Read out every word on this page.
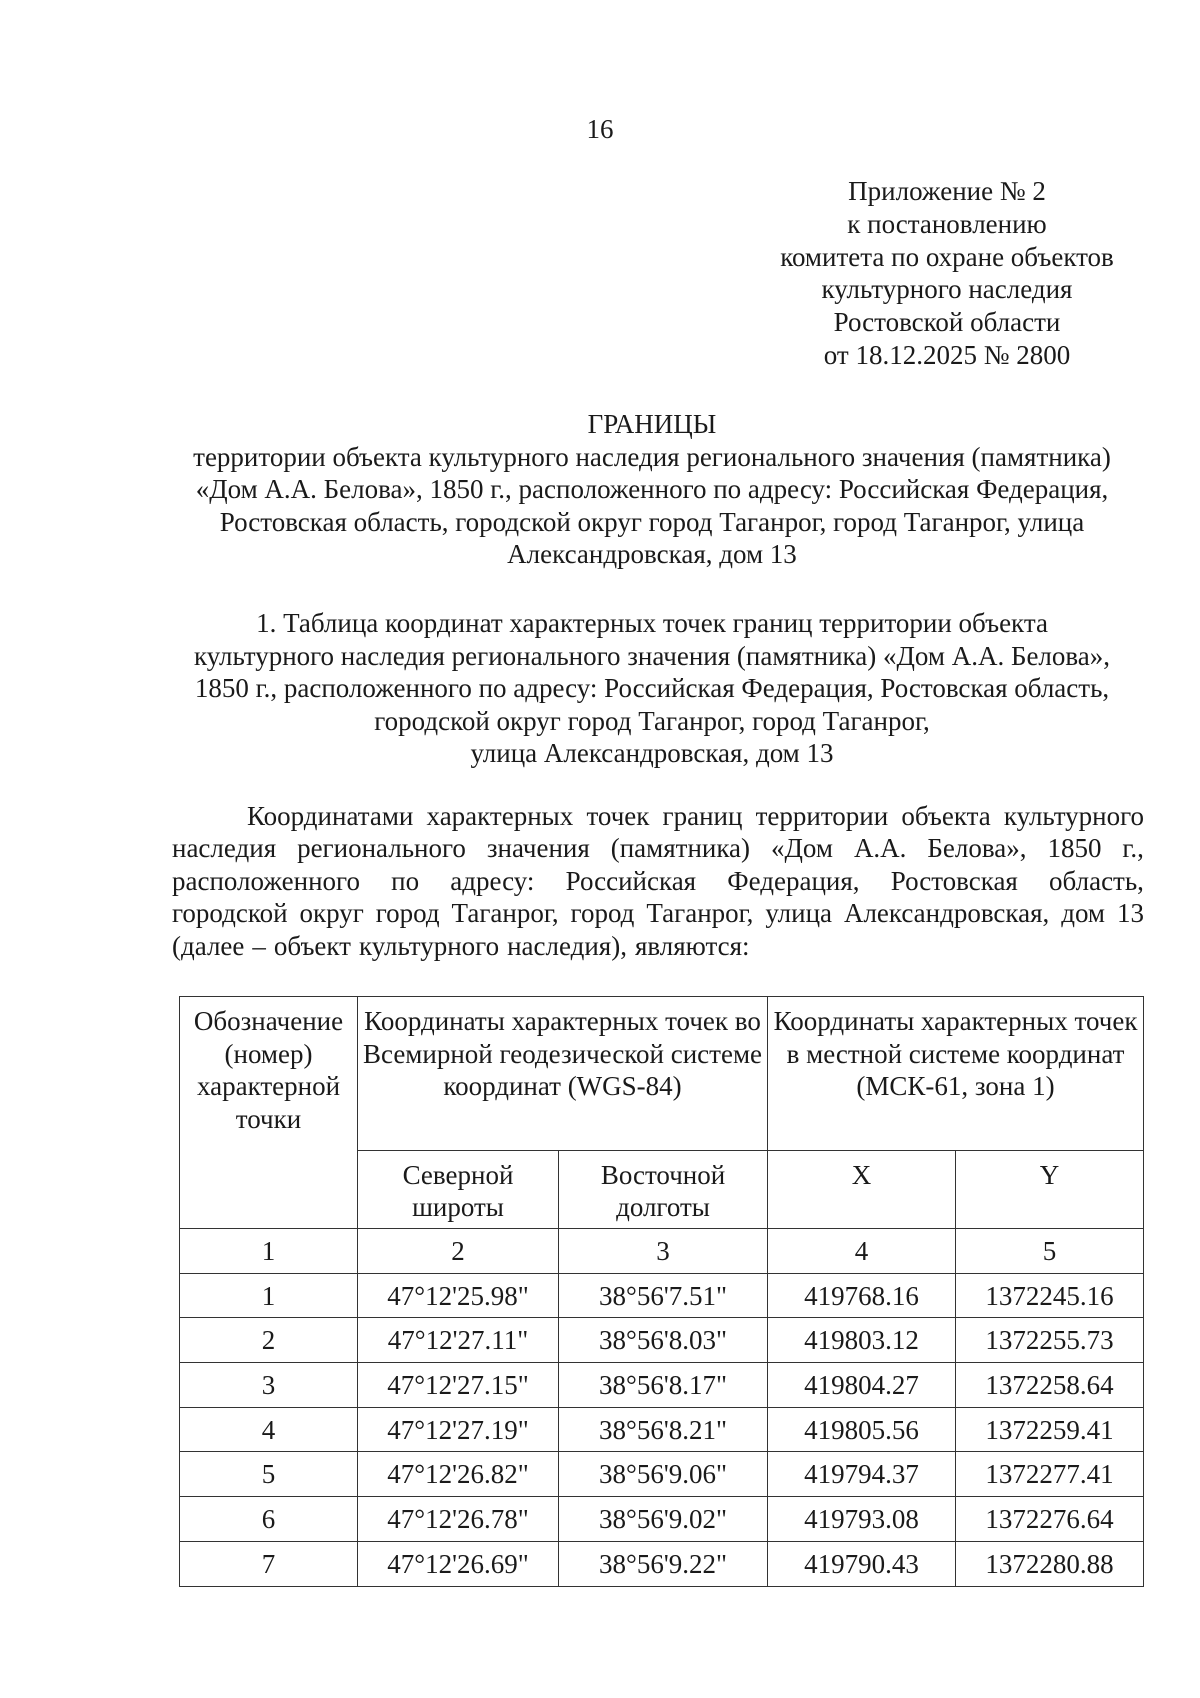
16
Приложение № 2
к постановлению
комитета по охране объектов
культурного наследия
Ростовской области
от 18.12.2025 № 2800
ГРАНИЦЫ
территории объекта культурного наследия регионального значения (памятника)
«Дом А.А. Белова», 1850 г., расположенного по адресу: Российская Федерация,
Ростовская область, городской округ город Таганрог, город Таганрог, улица
Александровская, дом 13
1. Таблица координат характерных точек границ территории объекта
культурного наследия регионального значения (памятника) «Дом А.А. Белова»,
1850 г., расположенного по адресу: Российская Федерация, Ростовская область,
городской округ город Таганрог, город Таганрог,
улица Александровская, дом 13
Координатами характерных точек границ территории объекта культурного
наследия регионального значения (памятника) «Дом А.А. Белова», 1850 г.,
расположенного по адресу: Российская Федерация, Ростовская область,
городской округ город Таганрог, город Таганрог, улица Александровская, дом 13
(далее – объект культурного наследия), являются:
Обозначение (номер) характерной точки	Координаты характерных точек во Всемирной геодезической системе координат (WGS-84)		Координаты характерных точек в местной системе координат (МСК-61, зона 1)	
	Северной широты	Восточной долготы	X	Y
1	2	3	4	5
1	47°12'25.98"	38°56'7.51"	419768.16	1372245.16
2	47°12'27.11"	38°56'8.03"	419803.12	1372255.73
3	47°12'27.15"	38°56'8.17"	419804.27	1372258.64
4	47°12'27.19"	38°56'8.21"	419805.56	1372259.41
5	47°12'26.82"	38°56'9.06"	419794.37	1372277.41
6	47°12'26.78"	38°56'9.02"	419793.08	1372276.64
7	47°12'26.69"	38°56'9.22"	419790.43	1372280.88
